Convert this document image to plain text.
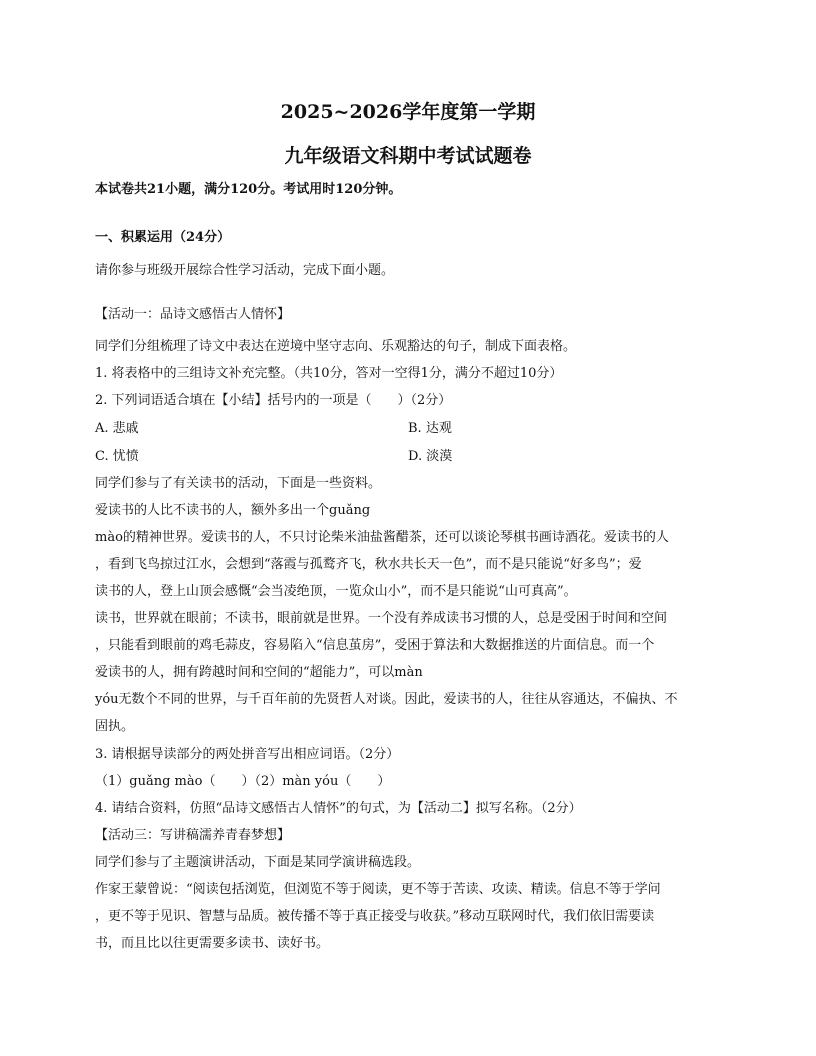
2025~2026学年度第一学期
九年级语文科期中考试试题卷
本试卷共21小题，满分120分。考试用时120分钟。
一、积累运用（24分）
请你参与班级开展综合性学习活动，完成下面小题。
【活动一：品诗文感悟古人情怀】
同学们分组梳理了诗文中表达在逆境中坚守志向、乐观豁达的句子，制成下面表格。
1. 将表格中的三组诗文补充完整。（共10分，答对一空得1分，满分不超过10分）
2. 下列词语适合填在【小结】括号内的一项是（　　）（2分）
A. 悲戚	B. 达观
C. 忧愤	D. 淡漠
同学们参与了有关读书的活动，下面是一些资料。
爱读书的人比不读书的人，额外多出一个guǎng
mào的精神世界。爱读书的人，不只讨论柴米油盐酱醋茶，还可以谈论琴棋书画诗酒花。爱读书的人
，看到飞鸟掠过江水，会想到“落霞与孤鹜齐飞，秋水共长天一色”，而不是只能说“好多鸟”；爱
读书的人，登上山顶会感慨“会当凌绝顶，一览众山小”，而不是只能说“山可真高”。
读书，世界就在眼前；不读书，眼前就是世界。一个没有养成读书习惯的人，总是受困于时间和空间
，只能看到眼前的鸡毛蒜皮，容易陷入“信息茧房”，受困于算法和大数据推送的片面信息。而一个
爱读书的人，拥有跨越时间和空间的“超能力”，可以màn
yóu无数个不同的世界，与千百年前的先贤哲人对谈。因此，爱读书的人，往往从容通达，不偏执、不
固执。
3. 请根据导读部分的两处拼音写出相应词语。（2分）
（1）guǎng mào（　　）（2）màn yóu（　　）
4. 请结合资料，仿照“品诗文感悟古人情怀”的句式，为【活动二】拟写名称。（2分）
【活动三：写讲稿濡养青春梦想】
同学们参与了主题演讲活动，下面是某同学演讲稿选段。
作家王蒙曾说：“阅读包括浏览，但浏览不等于阅读，更不等于苦读、攻读、精读。信息不等于学问
，更不等于见识、智慧与品质。被传播不等于真正接受与收获。”移动互联网时代，我们依旧需要读
书，而且比以往更需要多读书、读好书。
